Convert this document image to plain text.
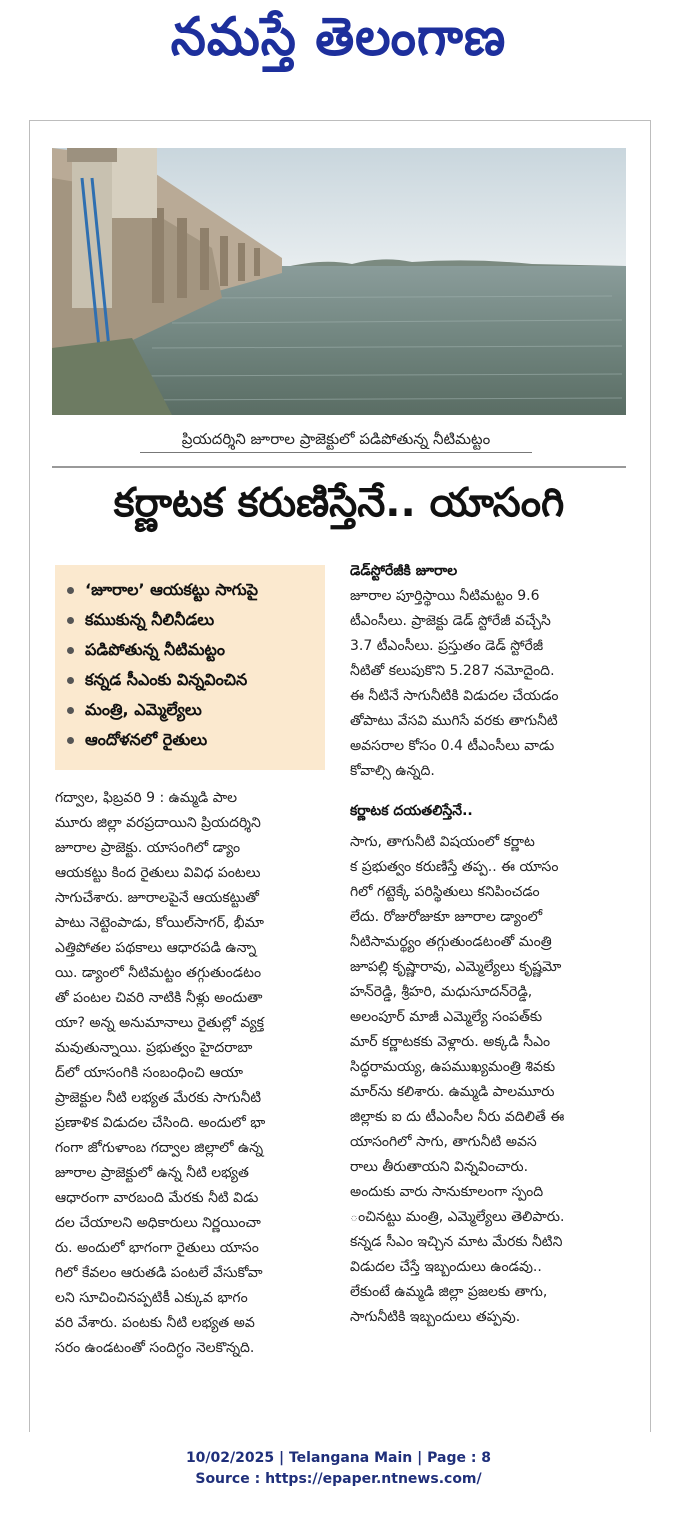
నమస్తే తెలంగాణ
ప్రియదర్శిని జూరాల ప్రాజెక్టులో పడిపోతున్న నీటిమట్టం
కర్ణాటక కరుణిస్తేనే.. యాసంగి
‘జూరాల’ ఆయకట్టు సాగుపై
కముకున్న నీలినీడలు
పడిపోతున్న నీటిమట్టం
కన్నడ సీఎంకు విన్నవించిన
మంత్రి, ఎమ్మెల్యేలు
ఆందోళనలో రైతులు
గద్వాల, ఫిబ్రవరి 9 : ఉమ్మడి పాల
మూరు జిల్లా వరప్రదాయిని ప్రియదర్శిని
జూరాల ప్రాజెక్టు. యాసంగిలో డ్యాం
ఆయకట్టు కింద రైతులు వివిధ పంటలు
సాగుచేశారు. జూరాలపైనే ఆయకట్టుతో
పాటు నెట్టెంపాడు, కోయిల్‌సాగర్, భీమా
ఎత్తిపోతల పథకాలు ఆధారపడి ఉన్నా
యి. డ్యాంలో నీటిమట్టం తగ్గుతుండటం
తో పంటల చివరి నాటికి నీళ్లు అందుతా
యా? అన్న అనుమానాలు రైతుల్లో వ్యక్త
మవుతున్నాయి. ప్రభుత్వం హైదరాబా
ద్‌లో యాసంగికి సంబంధించి ఆయా
ప్రాజెక్టుల నీటి లభ్యత మేరకు సాగునీటి
ప్రణాళిక విడుదల చేసింది. అందులో భా
గంగా జోగుళాంబ గద్వాల జిల్లాలో ఉన్న
జూరాల ప్రాజెక్టులో ఉన్న నీటి లభ్యత
ఆధారంగా వారబంది మేరకు నీటి విడు
దల చేయాలని అధికారులు నిర్ణయించా
రు. అందులో భాగంగా రైతులు యాసం
గిలో కేవలం ఆరుతడి పంటలే వేసుకోవా
లని సూచించినప్పటికీ ఎక్కువ భాగం
వరి వేశారు. పంటకు నీటి లభ్యత అవ
సరం ఉండటంతో సందిగ్ధం నెలకొన్నది.
డెడ్‌స్టోరేజీకి జూరాల
జూరాల పూర్తిస్థాయి నీటిమట్టం 9.6
టీఎంసీలు. ప్రాజెక్టు డెడ్ స్టోరేజీ వచ్చేసి
3.7 టీఎంసీలు. ప్రస్తుతం డెడ్ స్టోరేజీ
నీటితో కలుపుకొని 5.287 నమోదైంది.
ఈ నీటినే సాగునీటికి విడుదల చేయడం
తోపాటు వేసవి ముగిసే వరకు తాగునీటి
అవసరాల కోసం 0.4 టీఎంసీలు వాడు
కోవాల్సి ఉన్నది.
కర్ణాటక దయతలిస్తేనే..
సాగు, తాగునీటి విషయంలో కర్ణాట
క ప్రభుత్వం కరుణిస్తే తప్ప.. ఈ యాసం
గిలో గట్టెక్కే పరిస్థితులు కనిపించడం
లేదు. రోజురోజుకూ జూరాల డ్యాంలో
నీటిసామర్థ్యం తగ్గుతుండటంతో మంత్రి
జూపల్లి కృష్ణారావు, ఎమ్మెల్యేలు కృష్ణమో
హన్‌రెడ్డి, శ్రీహరి, మధుసూదన్‌రెడ్డి,
అలంపూర్ మాజీ ఎమ్మెల్యే సంపత్‌కు
మార్ కర్ణాటకకు వెళ్లారు. అక్కడి సీఎం
సిద్ధరామయ్య, ఉపముఖ్యమంత్రి శివకు
మార్‌ను కలిశారు. ఉమ్మడి పాలమూరు
జిల్లాకు ఐ దు టీఎంసీల నీరు వదిలితే ఈ
యాసంగిలో సాగు, తాగునీటి అవస
రాలు తీరుతాయని విన్నవించారు.
అందుకు వారు సానుకూలంగా స్పంది
ంచినట్టు మంత్రి, ఎమ్మెల్యేలు తెలిపారు.
కన్నడ సీఎం ఇచ్చిన మాట మేరకు నీటిని
విడుదల చేస్తే ఇబ్బందులు ఉండవు..
లేకుంటే ఉమ్మడి జిల్లా ప్రజలకు తాగు,
సాగునీటికి ఇబ్బందులు తప్పవు.
10/02/2025 | Telangana Main | Page : 8
Source : https://epaper.ntnews.com/
